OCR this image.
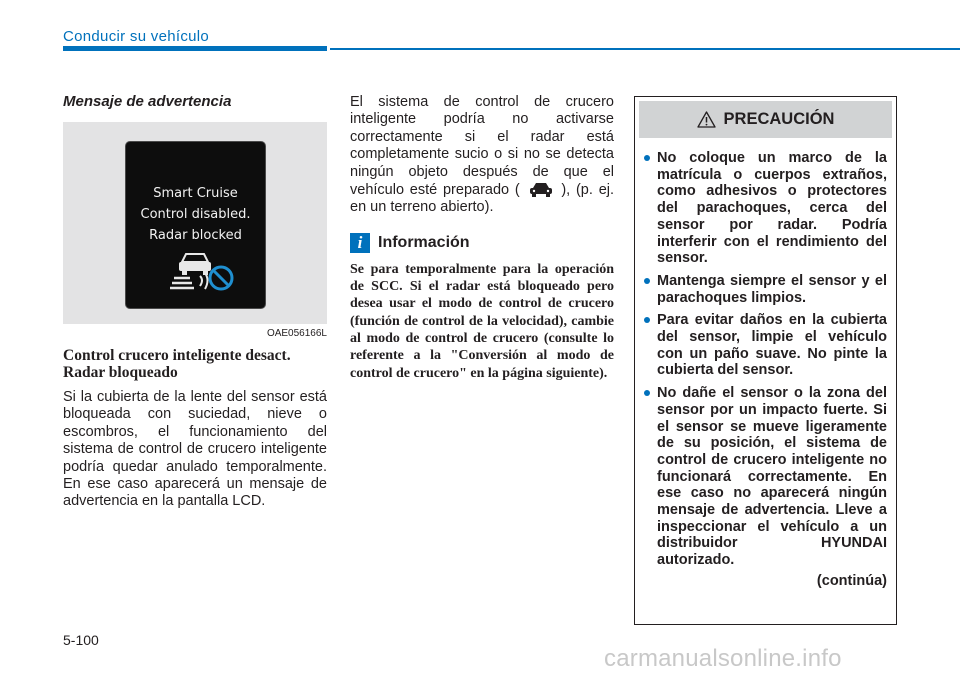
Conducir su vehículo
Mensaje de advertencia
Smart Cruise
Control disabled.
Radar blocked
OAE056166L
Control crucero inteligente desact. Radar bloqueado

Si la cubierta de la lente del sensor está bloqueada con suciedad, nieve o escombros, el funcionamiento del sistema de control de crucero inteligente podría quedar anulado temporalmente. En ese caso aparecerá un mensaje de advertencia en la pantalla LCD.

El sistema de control de crucero inteligente podría no activarse correctamente si el radar está completamente sucio o si no se detecta ningún objeto después de que el vehículo esté preparado (	), (p. ej. en un terreno abierto).

i Información

Se para temporalmente para la operación de SCC. Si el radar está bloqueado pero desea usar el modo de control de crucero (función de control de la velocidad), cambie al modo de control de crucero (consulte lo referente a la "Conversión al modo de control de crucero" en la página siguiente).

PRECAUCIÓN
No coloque un marco de la matrícula o cuerpos extraños, como adhesivos o protectores del parachoques, cerca del sensor por radar. Podría interferir con el rendimiento del sensor.
Mantenga siempre el sensor y el parachoques limpios.
Para evitar daños en la cubierta del sensor, limpie el vehículo con un paño suave. No pinte la cubierta del sensor.
No dañe el sensor o la zona del sensor por un impacto fuerte. Si el sensor se mueve ligeramente de su posición, el sistema de control de crucero inteligente no funcionará correctamente. En ese caso no aparecerá ningún mensaje de advertencia. Lleve a inspeccionar el vehículo a un distribuidor HYUNDAI autorizado.
(continúa)
5-100
carmanualsonline.info
